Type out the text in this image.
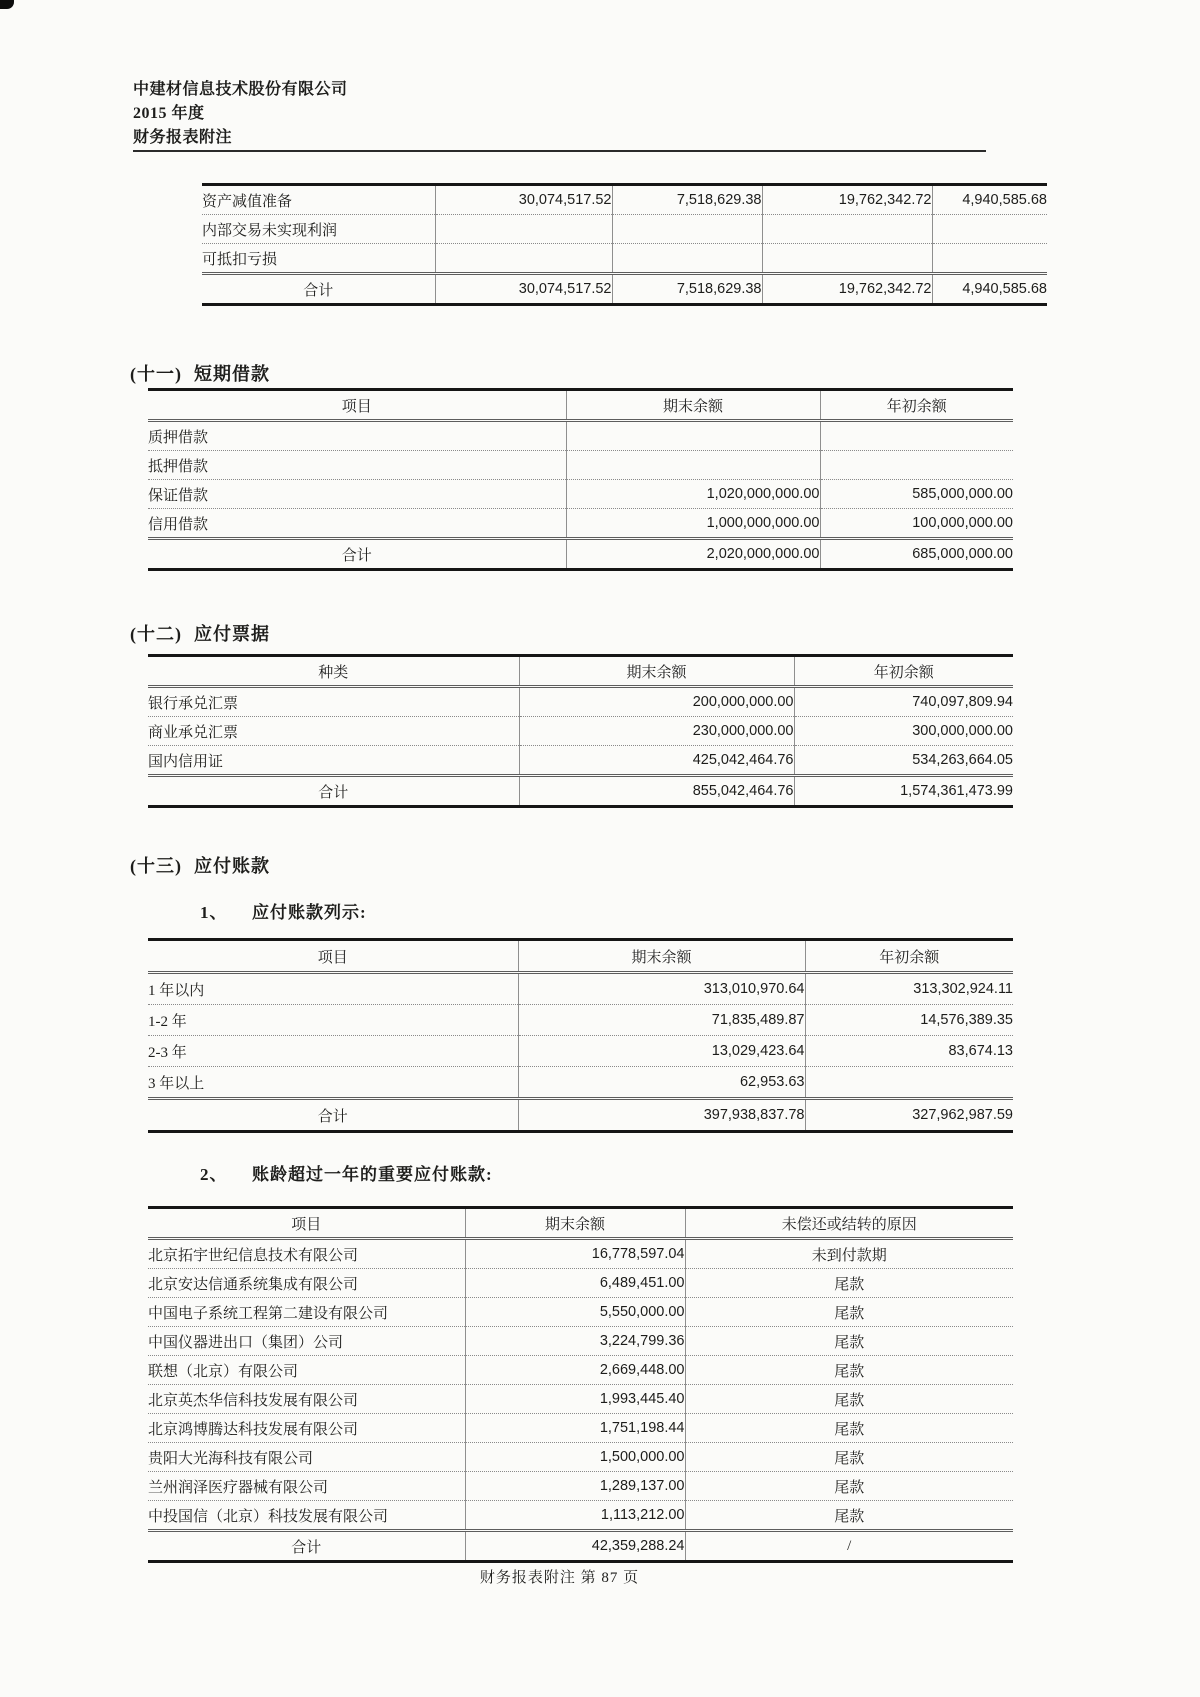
中建材信息技术股份有限公司
2015 年度
财务报表附注
资产减值准备	30,074,517.52	7,518,629.38	19,762,342.72	4,940,585.68
内部交易未实现利润				
可抵扣亏损				
合计	30,074,517.52	7,518,629.38	19,762,342.72	4,940,585.68
(十一) 短期借款
项目	期末余额	年初余额
质押借款		
抵押借款		
保证借款	1,020,000,000.00	585,000,000.00
信用借款	1,000,000,000.00	100,000,000.00
合计	2,020,000,000.00	685,000,000.00
(十二) 应付票据
种类	期末余额	年初余额
银行承兑汇票	200,000,000.00	740,097,809.94
商业承兑汇票	230,000,000.00	300,000,000.00
国内信用证	425,042,464.76	534,263,664.05
合计	855,042,464.76	1,574,361,473.99
(十三) 应付账款
1、 应付账款列示:
项目	期末余额	年初余额
1 年以内	313,010,970.64	313,302,924.11
1-2 年	71,835,489.87	14,576,389.35
2-3 年	13,029,423.64	83,674.13
3 年以上	62,953.63	
合计	397,938,837.78	327,962,987.59
2、 账龄超过一年的重要应付账款:
项目	期末余额	未偿还或结转的原因
北京拓宇世纪信息技术有限公司	16,778,597.04	未到付款期
北京安达信通系统集成有限公司	6,489,451.00	尾款
中国电子系统工程第二建设有限公司	5,550,000.00	尾款
中国仪器进出口（集团）公司	3,224,799.36	尾款
联想（北京）有限公司	2,669,448.00	尾款
北京英杰华信科技发展有限公司	1,993,445.40	尾款
北京鸿博腾达科技发展有限公司	1,751,198.44	尾款
贵阳大光海科技有限公司	1,500,000.00	尾款
兰州润泽医疗器械有限公司	1,289,137.00	尾款
中投国信（北京）科技发展有限公司	1,113,212.00	尾款
合计	42,359,288.24	/
财务报表附注 第 87 页
